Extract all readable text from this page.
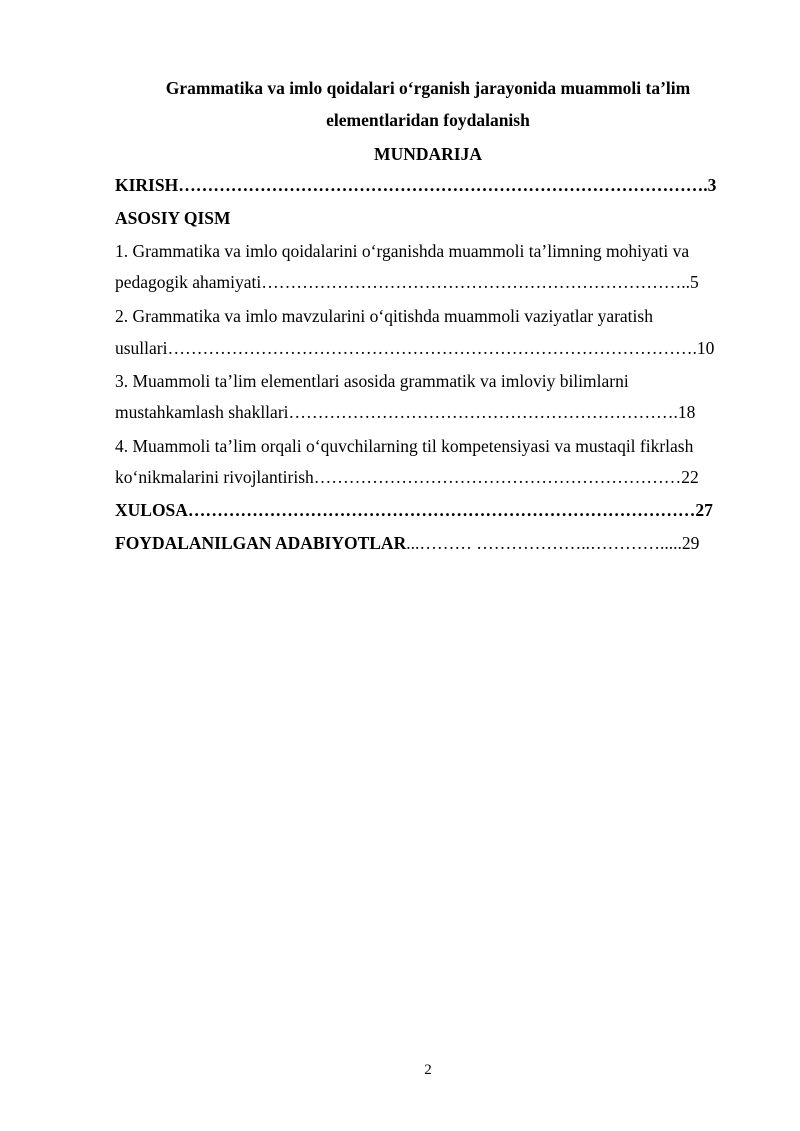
Grammatika va imlo qoidalari o‘rganish jarayonida muammoli ta’lim
elementlaridan foydalanish
MUNDARIJA
KIRISH……………………………………………………………………………….3
ASOSIY QISM
1. Grammatika va imlo qoidalarini o‘rganishda muammoli ta’limning mohiyati va
pedagogik ahamiyati………………………………………………………………..5
2. Grammatika va imlo mavzularini o‘qitishda muammoli vaziyatlar yaratish
usullari……………………………………………………………………………….10
3. Muammoli ta’lim elementlari asosida grammatik va imloviy bilimlarni
mustahkamlash shakllari………………………………………………………….18
4. Muammoli ta’lim orqali o‘quvchilarning til kompetensiyasi va mustaqil fikrlash
ko‘nikmalarini rivojlantirish………………………………………………………22
XULOSA……………………………………………………………………………27
FOYDALANILGAN ADABIYOTLAR...……… ………………..………….....29
2
